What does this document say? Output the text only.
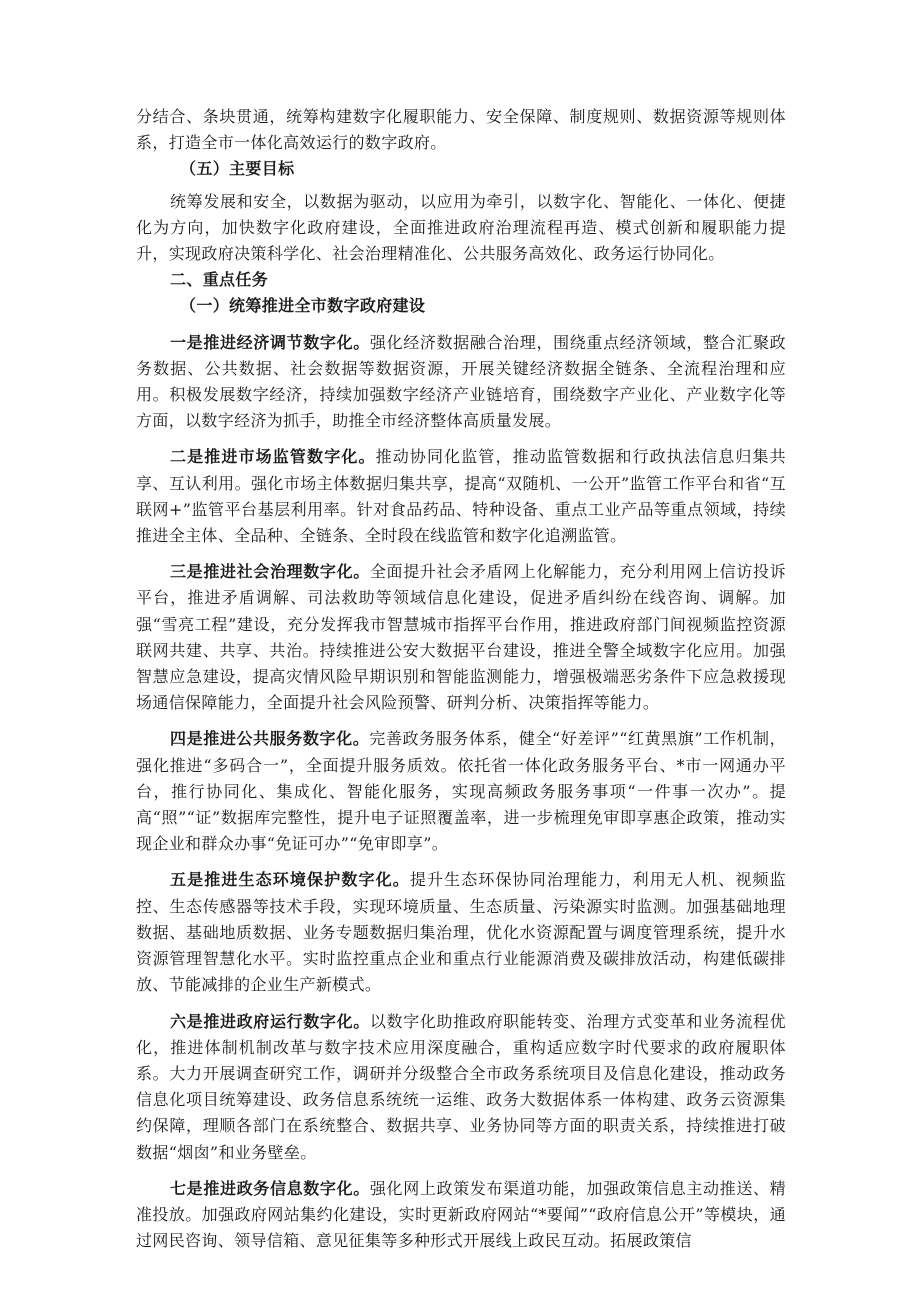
分结合、条块贯通，统筹构建数字化履职能力、安全保障、制度规则、数据资源等规则体系，打造全市一体化高效运行的数字政府。

（五）主要目标

统筹发展和安全，以数据为驱动，以应用为牵引，以数字化、智能化、一体化、便捷化为方向，加快数字化政府建设，全面推进政府治理流程再造、模式创新和履职能力提升，实现政府决策科学化、社会治理精准化、公共服务高效化、政务运行协同化。

二、重点任务

（一）统筹推进全市数字政府建设

一是推进经济调节数字化。强化经济数据融合治理，围绕重点经济领域，整合汇聚政务数据、公共数据、社会数据等数据资源，开展关键经济数据全链条、全流程治理和应用。积极发展数字经济，持续加强数字经济产业链培育，围绕数字产业化、产业数字化等方面，以数字经济为抓手，助推全市经济整体高质量发展。

二是推进市场监管数字化。推动协同化监管，推动监管数据和行政执法信息归集共享、互认利用。强化市场主体数据归集共享，提高“双随机、一公开”监管工作平台和省“互联网+”监管平台基层利用率。针对食品药品、特种设备、重点工业产品等重点领域，持续推进全主体、全品种、全链条、全时段在线监管和数字化追溯监管。

三是推进社会治理数字化。全面提升社会矛盾网上化解能力，充分利用网上信访投诉平台，推进矛盾调解、司法救助等领域信息化建设，促进矛盾纠纷在线咨询、调解。加强“雪亮工程”建设，充分发挥我市智慧城市指挥平台作用，推进政府部门间视频监控资源联网共建、共享、共治。持续推进公安大数据平台建设，推进全警全域数字化应用。加强智慧应急建设，提高灾情风险早期识别和智能监测能力，增强极端恶劣条件下应急救援现场通信保障能力，全面提升社会风险预警、研判分析、决策指挥等能力。

四是推进公共服务数字化。完善政务服务体系，健全“好差评”“红黄黑旗”工作机制，强化推进“多码合一”，全面提升服务质效。依托省一体化政务服务平台、*市一网通办平台，推行协同化、集成化、智能化服务，实现高频政务服务事项“一件事一次办”。提高“照”“证”数据库完整性，提升电子证照覆盖率，进一步梳理免审即享惠企政策，推动实现企业和群众办事“免证可办”“免审即享”。

五是推进生态环境保护数字化。提升生态环保协同治理能力，利用无人机、视频监控、生态传感器等技术手段，实现环境质量、生态质量、污染源实时监测。加强基础地理数据、基础地质数据、业务专题数据归集治理，优化水资源配置与调度管理系统，提升水资源管理智慧化水平。实时监控重点企业和重点行业能源消费及碳排放活动，构建低碳排放、节能减排的企业生产新模式。

六是推进政府运行数字化。以数字化助推政府职能转变、治理方式变革和业务流程优化，推进体制机制改革与数字技术应用深度融合，重构适应数字时代要求的政府履职体系。大力开展调查研究工作，调研并分级整合全市政务系统项目及信息化建设，推动政务信息化项目统筹建设、政务信息系统统一运维、政务大数据体系一体构建、政务云资源集约保障，理顺各部门在系统整合、数据共享、业务协同等方面的职责关系，持续推进打破数据“烟囱”和业务壁垒。

七是推进政务信息数字化。强化网上政策发布渠道功能，加强政策信息主动推送、精准投放。加强政府网站集约化建设，实时更新政府网站“*要闻”“政府信息公开”等模块，通过网民咨询、领导信箱、意见征集等多种形式开展线上政民互动。拓展政策信
